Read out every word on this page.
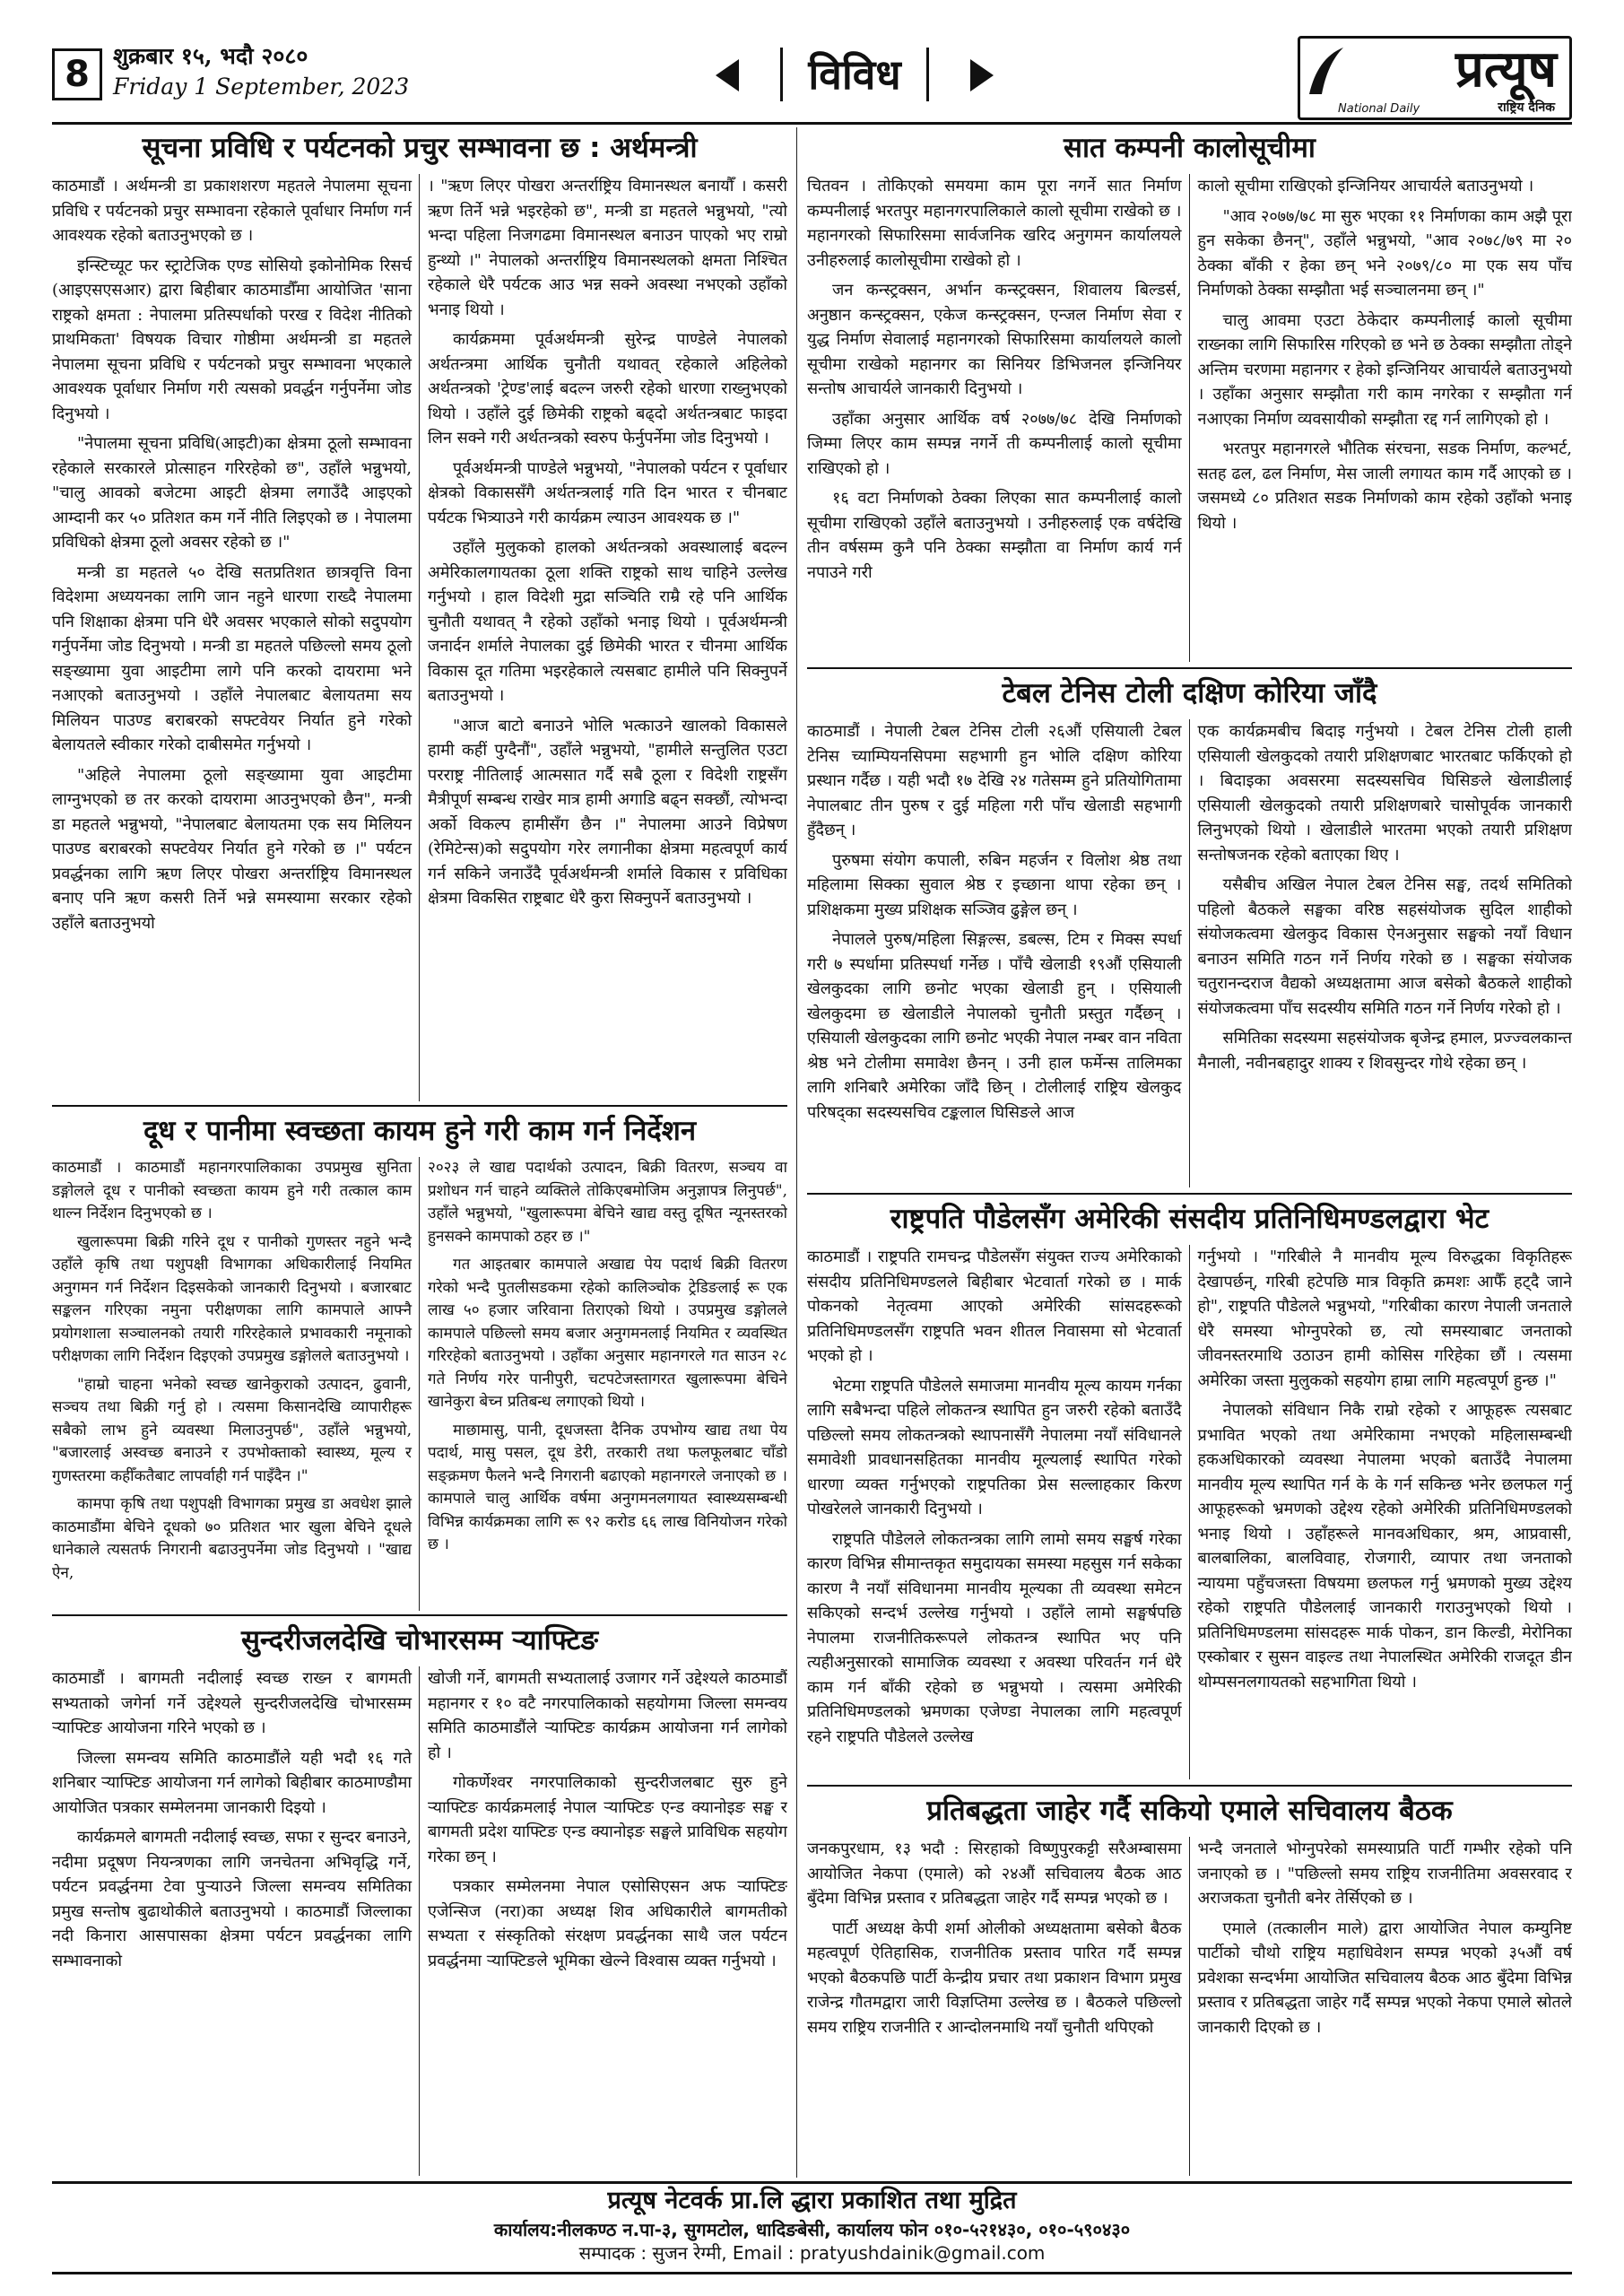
8	शुक्रबार १५, भदौ २०८०
Friday 1 September, 2023	विविध	प्रत्यूष
National Daily	राष्ट्रिय दैनिक
सूचना प्रविधि र पर्यटनको प्रचुर सम्भावना छ : अर्थमन्त्री

काठमाडौं । अर्थमन्त्री डा प्रकाशशरण महतले नेपालमा सूचना प्रविधि र पर्यटनको प्रचुर सम्भावना रहेकाले पूर्वाधार निर्माण गर्न आवश्यक रहेको बताउनुभएको छ ।

इन्स्टिच्यूट फर स्ट्राटेजिक एण्ड सोसियो इकोनोमिक रिसर्च (आइएसएसआर) द्वारा बिहीबार काठमाडौँमा आयोजित 'साना राष्ट्रको क्षमता : नेपालमा प्रतिस्पर्धाको परख र विदेश नीतिको प्राथमिकता' विषयक विचार गोष्ठीमा अर्थमन्त्री डा महतले नेपालमा सूचना प्रविधि र पर्यटनको प्रचुर सम्भावना भएकाले आवश्यक पूर्वाधार निर्माण गरी त्यसको प्रवर्द्धन गर्नुपर्नेमा जोड दिनुभयो ।

"नेपालमा सूचना प्रविधि(आइटी)का क्षेत्रमा ठूलो सम्भावना रहेकाले सरकारले प्रोत्साहन गरिरहेको छ", उहाँले भन्नुभयो, "चालु आवको बजेटमा आइटी क्षेत्रमा लगाउँदै आइएको आम्दानी कर ५० प्रतिशत कम गर्ने नीति लिइएको छ । नेपालमा प्रविधिको क्षेत्रमा ठूलो अवसर रहेको छ ।"

मन्त्री डा महतले ५० देखि सतप्रतिशत छात्रवृत्ति विना विदेशमा अध्ययनका लागि जान नहुने धारणा राख्दै नेपालमा पनि शिक्षाका क्षेत्रमा पनि धेरै अवसर भएकाले सोको सदुपयोग गर्नुपर्नेमा जोड दिनुभयो । मन्त्री डा महतले पछिल्लो समय ठूलो सङ्ख्यामा युवा आइटीमा लागे पनि करको दायरामा भने नआएको बताउनुभयो । उहाँले नेपालबाट बेलायतमा सय मिलियन पाउण्ड बराबरको सफ्टवेयर निर्यात हुने गरेको बेलायतले स्वीकार गरेको दाबीसमेत गर्नुभयो ।

"अहिले नेपालमा ठूलो सङ्ख्यामा युवा आइटीमा लाग्नुभएको छ तर करको दायरामा आउनुभएको छैन", मन्त्री डा महतले भन्नुभयो, "नेपालबाट बेलायतमा एक सय मिलियन पाउण्ड बराबरको सफ्टवेयर निर्यात हुने गरेको छ ।" पर्यटन प्रवर्द्धनका लागि ऋण लिएर पोखरा अन्तर्राष्ट्रिय विमानस्थल बनाए पनि ऋण कसरी तिर्ने भन्ने समस्यामा सरकार रहेको उहाँले बताउनुभयो

। "ऋण लिएर पोखरा अन्तर्राष्ट्रिय विमानस्थल बनायौँ । कसरी ऋण तिर्ने भन्ने भइरहेको छ", मन्त्री डा महतले भन्नुभयो, "त्यो भन्दा पहिला निजगढमा विमानस्थल बनाउन पाएको भए राम्रो हुन्थ्यो ।" नेपालको अन्तर्राष्ट्रिय विमानस्थलको क्षमता निश्चित रहेकाले धेरै पर्यटक आउ भन्न सक्ने अवस्था नभएको उहाँको भनाइ थियो ।

कार्यक्रममा पूर्वअर्थमन्त्री सुरेन्द्र पाण्डेले नेपालको अर्थतन्त्रमा आर्थिक चुनौती यथावत् रहेकाले अहिलेको अर्थतन्त्रको 'ट्रेण्ड'लाई बदल्न जरुरी रहेको धारणा राख्नुभएको थियो । उहाँले दुई छिमेकी राष्ट्रको बढ्दो अर्थतन्त्रबाट फाइदा लिन सक्ने गरी अर्थतन्त्रको स्वरुप फेर्नुपर्नेमा जोड दिनुभयो ।

पूर्वअर्थमन्त्री पाण्डेले भन्नुभयो, "नेपालको पर्यटन र पूर्वाधार क्षेत्रको विकाससँगै अर्थतन्त्रलाई गति दिन भारत र चीनबाट पर्यटक भित्र्याउने गरी कार्यक्रम ल्याउन आवश्यक छ ।"

उहाँले मुलुकको हालको अर्थतन्त्रको अवस्थालाई बदल्न अमेरिकालगायतका ठूला शक्ति राष्ट्रको साथ चाहिने उल्लेख गर्नुभयो । हाल विदेशी मुद्रा सञ्चिति राम्रै रहे पनि आर्थिक चुनौती यथावत् नै रहेको उहाँको भनाइ थियो । पूर्वअर्थमन्त्री जनार्दन शर्माले नेपालका दुई छिमेकी भारत र चीनमा आर्थिक विकास दूत गतिमा भइरहेकाले त्यसबाट हामीले पनि सिक्नुपर्ने बताउनुभयो ।

"आज बाटो बनाउने भोलि भत्काउने खालको विकासले हामी कहीं पुग्दैनौं", उहाँले भन्नुभयो, "हामीले सन्तुलित एउटा परराष्ट्र नीतिलाई आत्मसात गर्दै सबै ठूला र विदेशी राष्ट्रसँग मैत्रीपूर्ण सम्बन्ध राखेर मात्र हामी अगाडि बढ्न सक्छौं, त्योभन्दा अर्को विकल्प हामीसँग छैन ।" नेपालमा आउने विप्रेषण (रेमिटेन्स)को सदुपयोग गरेर लगानीका क्षेत्रमा महत्वपूर्ण कार्य गर्न सकिने जनाउँदै पूर्वअर्थमन्त्री शर्माले विकास र प्रविधिका क्षेत्रमा विकसित राष्ट्रबाट धेरै कुरा सिक्नुपर्ने बताउनुभयो ।

सात कम्पनी कालोसूचीमा

चितवन । तोकिएको समयमा काम पूरा नगर्ने सात निर्माण कम्पनीलाई भरतपुर महानगरपालिकाले कालो सूचीमा राखेको छ । महानगरको सिफारिसमा सार्वजनिक खरिद अनुगमन कार्यालयले उनीहरुलाई कालोसूचीमा राखेको हो ।

जन कन्स्ट्रक्सन, अर्भान कन्स्ट्रक्सन, शिवालय बिल्डर्स, अनुष्ठान कन्स्ट्रक्सन, एकेज कन्स्ट्रक्सन, एन्जल निर्माण सेवा र युद्ध निर्माण सेवालाई महानगरको सिफारिसमा कार्यालयले कालो सूचीमा राखेको महानगर का सिनियर डिभिजनल इन्जिनियर सन्तोष आचार्यले जानकारी दिनुभयो ।

उहाँका अनुसार आर्थिक वर्ष २०७७/७८ देखि निर्माणको जिम्मा लिएर काम सम्पन्न नगर्ने ती कम्पनीलाई कालो सूचीमा राखिएको हो ।

१६ वटा निर्माणको ठेक्का लिएका सात कम्पनीलाई कालो सूचीमा राखिएको उहाँले बताउनुभयो । उनीहरुलाई एक वर्षदेखि तीन वर्षसम्म कुनै पनि ठेक्का सम्झौता वा निर्माण कार्य गर्न नपाउने गरी

कालो सूचीमा राखिएको इन्जिनियर आचार्यले बताउनुभयो ।

"आव २०७७/७८ मा सुरु भएका ११ निर्माणका काम अझै पूरा हुन सकेका छैनन्", उहाँले भन्नुभयो, "आव २०७८/७९ मा २० ठेक्का बाँकी र हेका छन् भने २०७९/८० मा एक सय पाँच निर्माणको ठेक्का सम्झौता भई सञ्चालनमा छन् ।"

चालु आवमा एउटा ठेकेदार कम्पनीलाई कालो सूचीमा राख्नका लागि सिफारिस गरिएको छ भने छ ठेक्का सम्झौता तोड्ने अन्तिम चरणमा महानगर र हेको इन्जिनियर आचार्यले बताउनुभयो । उहाँका अनुसार सम्झौता गरी काम नगरेका र सम्झौता गर्न नआएका निर्माण व्यवसायीको सम्झौता रद्द गर्न लागिएको हो ।

भरतपुर महानगरले भौतिक संरचना, सडक निर्माण, कल्भर्ट, सतह ढल, ढल निर्माण, मेस जाली लगायत काम गर्दै आएको छ । जसमध्ये ८० प्रतिशत सडक निर्माणको काम रहेको उहाँको भनाइ थियो ।

टेबल टेनिस टोली दक्षिण कोरिया जाँदै

काठमाडौं । नेपाली टेबल टेनिस टोली २६औं एसियाली टेबल टेनिस च्याम्पियनसिपमा सहभागी हुन भोलि दक्षिण कोरिया प्रस्थान गर्दैछ । यही भदौ १७ देखि २४ गतेसम्म हुने प्रतियोगितामा नेपालबाट तीन पुरुष र दुई महिला गरी पाँच खेलाडी सहभागी हुँदैछन् ।

पुरुषमा संयोग कपाली, रुबिन महर्जन र विलोश श्रेष्ठ तथा महिलामा सिक्का सुवाल श्रेष्ठ र इच्छाना थापा रहेका छन् । प्रशिक्षकमा मुख्य प्रशिक्षक सञ्जिव ढुङ्गेल छन् ।

नेपालले पुरुष/महिला सिङ्गल्स, डबल्स, टिम र मिक्स स्पर्धा गरी ७ स्पर्धामा प्रतिस्पर्धा गर्नेछ । पाँचै खेलाडी १९औं एसियाली खेलकुदका लागि छनोट भएका खेलाडी हुन् । एसियाली खेलकुदमा छ खेलाडीले नेपालको चुनौती प्रस्तुत गर्दैछन् । एसियाली खेलकुदका लागि छनोट भएकी नेपाल नम्बर वान नविता श्रेष्ठ भने टोलीमा समावेश छैनन् । उनी हाल फर्मेन्स तालिमका लागि शनिबारै अमेरिका जाँदै छिन् । टोलीलाई राष्ट्रिय खेलकुद परिषद्का सदस्यसचिव टङ्कलाल घिसिङले आज

एक कार्यक्रमबीच बिदाइ गर्नुभयो । टेबल टेनिस टोली हाली एसियाली खेलकुदको तयारी प्रशिक्षणबाट भारतबाट फर्किएको हो । बिदाइका अवसरमा सदस्यसचिव घिसिङले खेलाडीलाई एसियाली खेलकुदको तयारी प्रशिक्षणबारे चासोपूर्वक जानकारी लिनुभएको थियो । खेलाडीले भारतमा भएको तयारी प्रशिक्षण सन्तोषजनक रहेको बताएका थिए ।

यसैबीच अखिल नेपाल टेबल टेनिस सङ्घ, तदर्थ समितिको पहिलो बैठकले सङ्घका वरिष्ठ सहसंयोजक सुदिल शाहीको संयोजकत्वमा खेलकुद विकास ऐनअनुसार सङ्घको नयाँ विधान बनाउन समिति गठन गर्ने निर्णय गरेको छ । सङ्घका संयोजक चतुरानन्दराज वैद्यको अध्यक्षतामा आज बसेको बैठकले शाहीको संयोजकत्वमा पाँच सदस्यीय समिति गठन गर्ने निर्णय गरेको हो ।

समितिका सदस्यमा सहसंयोजक बृजेन्द्र हमाल, प्रज्ज्वलकान्त मैनाली, नवीनबहादुर शाक्य र शिवसुन्दर गोथे रहेका छन् ।

दूध र पानीमा स्वच्छता कायम हुने गरी काम गर्न निर्देशन

काठमाडौं । काठमाडौं महानगरपालिकाका उपप्रमुख सुनिता डङ्गोलले दूध र पानीको स्वच्छता कायम हुने गरी तत्काल काम थाल्न निर्देशन दिनुभएको छ ।

खुलारूपमा बिक्री गरिने दूध र पानीको गुणस्तर नहुने भन्दै उहाँले कृषि तथा पशुपक्षी विभागका अधिकारीलाई नियमित अनुगमन गर्न निर्देशन दिइसकेको जानकारी दिनुभयो । बजारबाट सङ्कलन गरिएका नमुना परीक्षणका लागि कामपाले आफ्नै प्रयोगशाला सञ्चालनको तयारी गरिरहेकाले प्रभावकारी नमूनाको परीक्षणका लागि निर्देशन दिइएको उपप्रमुख डङ्गोलले बताउनुभयो ।

"हाम्रो चाहना भनेको स्वच्छ खानेकुराको उत्पादन, ढुवानी, सञ्चय तथा बिक्री गर्नु हो । त्यसमा किसानदेखि व्यापारीहरू सबैको लाभ हुने व्यवस्था मिलाउनुपर्छ", उहाँले भन्नुभयो, "बजारलाई अस्वच्छ बनाउने र उपभोक्ताको स्वास्थ्य, मूल्य र गुणस्तरमा कहीँकतैबाट लापर्वाही गर्न पाइँदैन ।"

कामपा कृषि तथा पशुपक्षी विभागका प्रमुख डा अवधेश झाले काठमाडौंमा बेचिने दूधको ७० प्रतिशत भार खुला बेचिने दूधले धानेकाले त्यसतर्फ निगरानी बढाउनुपर्नेमा जोड दिनुभयो । "खाद्य ऐन,

२०२३ ले खाद्य पदार्थको उत्पादन, बिक्री वितरण, सञ्चय वा प्रशोधन गर्न चाहने व्यक्तिले तोकिएबमोजिम अनुज्ञापत्र लिनुपर्छ", उहाँले भन्नुभयो, "खुलारूपमा बेचिने खाद्य वस्तु दूषित न्यूनस्तरको हुनसक्ने कामपाको ठहर छ ।"

गत आइतबार कामपाले अखाद्य पेय पदार्थ बिक्री वितरण गरेको भन्दै पुतलीसडकमा रहेको कालिञ्चोक ट्रेडिङलाई रू एक लाख ५० हजार जरिवाना तिराएको थियो । उपप्रमुख डङ्गोलले कामपाले पछिल्लो समय बजार अनुगमनलाई नियमित र व्यवस्थित गरिरहेको बताउनुभयो । उहाँका अनुसार महानगरले गत साउन २८ गते निर्णय गरेर पानीपुरी, चटपटेजस्तागरत खुलारूपमा बेचिने खानेकुरा बेच्न प्रतिबन्ध लगाएको थियो ।

माछामासु, पानी, दूधजस्ता दैनिक उपभोग्य खाद्य तथा पेय पदार्थ, मासु पसल, दूध डेरी, तरकारी तथा फलफूलबाट चाँडो सङ्क्रमण फैलने भन्दै निगरानी बढाएको महानगरले जनाएको छ । कामपाले चालु आर्थिक वर्षमा अनुगमनलगायत स्वास्थ्यसम्बन्धी विभिन्न कार्यक्रमका लागि रू ९२ करोड ६६ लाख विनियोजन गरेको छ ।

राष्ट्रपति पौडेलसँग अमेरिकी संसदीय प्रतिनिधिमण्डलद्वारा भेट

काठमाडौं । राष्ट्रपति रामचन्द्र पौडेलसँग संयुक्त राज्य अमेरिकाको संसदीय प्रतिनिधिमण्डलले बिहीबार भेटवार्ता गरेको छ । मार्क पोकनको नेतृत्वमा आएको अमेरिकी सांसदहरूको प्रतिनिधिमण्डलसँग राष्ट्रपति भवन शीतल निवासमा सो भेटवार्ता भएको हो ।

भेटमा राष्ट्रपति पौडेलले समाजमा मानवीय मूल्य कायम गर्नका लागि सबैभन्दा पहिले लोकतन्त्र स्थापित हुन जरुरी रहेको बताउँदै पछिल्लो समय लोकतन्त्रको स्थापनासँगै नेपालमा नयाँ संविधानले समावेशी प्रावधानसहितका मानवीय मूल्यलाई स्थापित गरेको धारणा व्यक्त गर्नुभएको राष्ट्रपतिका प्रेस सल्लाहकार किरण पोखरेलले जानकारी दिनुभयो ।

राष्ट्रपति पौडेलले लोकतन्त्रका लागि लामो समय सङ्घर्ष गरेका कारण विभिन्न सीमान्तकृत समुदायका समस्या महसुस गर्न सकेका कारण नै नयाँ संविधानमा मानवीय मूल्यका ती व्यवस्था समेटन सकिएको सन्दर्भ उल्लेख गर्नुभयो । उहाँले लामो सङ्घर्षपछि नेपालमा राजनीतिकरूपले लोकतन्त्र स्थापित भए पनि त्यहीअनुसारको सामाजिक व्यवस्था र अवस्था परिवर्तन गर्न धेरै काम गर्न बाँकी रहेको छ भन्नुभयो । त्यसमा अमेरिकी प्रतिनिधिमण्डलको भ्रमणका एजेण्डा नेपालका लागि महत्वपूर्ण रहने राष्ट्रपति पौडेलले उल्लेख

गर्नुभयो । "गरिबीले नै मानवीय मूल्य विरुद्धका विकृतिहरू देखापर्छन्, गरिबी हटेपछि मात्र विकृति क्रमशः आफैँ हट्दै जाने हो", राष्ट्रपति पौडेलले भन्नुभयो, "गरिबीका कारण नेपाली जनताले धेरै समस्या भोग्नुपरेको छ, त्यो समस्याबाट जनताको जीवनस्तरमाथि उठाउन हामी कोसिस गरिहेका छौं । त्यसमा अमेरिका जस्ता मुलुकको सहयोग हाम्रा लागि महत्वपूर्ण हुन्छ ।"

नेपालको संविधान निकै राम्रो रहेको र आफूहरू त्यसबाट प्रभावित भएको तथा अमेरिकामा नभएको महिलासम्बन्धी हकअधिकारको व्यवस्था नेपालमा भएको बताउँदै नेपालमा मानवीय मूल्य स्थापित गर्न के के गर्न सकिन्छ भनेर छलफल गर्नु आफूहरूको भ्रमणको उद्देश्य रहेको अमेरिकी प्रतिनिधिमण्डलको भनाइ थियो । उहाँहरूले मानवअधिकार, श्रम, आप्रवासी, बालबालिका, बालविवाह, रोजगारी, व्यापार तथा जनताको न्यायमा पहुँचजस्ता विषयमा छलफल गर्नु भ्रमणको मुख्य उद्देश्य रहेको राष्ट्रपति पौडेललाई जानकारी गराउनुभएको थियो । प्रतिनिधिमण्डलमा सांसदहरू मार्क पोकन, डान किल्डी, मेरोनिका एस्कोबार र सुसन वाइल्ड तथा नेपालस्थित अमेरिकी राजदूत डीन थोम्पसनलगायतको सहभागिता थियो ।

सुन्दरीजलदेखि चोभारसम्म र्‍याफ्टिङ

काठमाडौं । बागमती नदीलाई स्वच्छ राख्न र बागमती सभ्यताको जगेर्ना गर्ने उद्देश्यले सुन्दरीजलदेखि चोभारसम्म र्‍याफ्टिङ आयोजना गरिने भएको छ ।

जिल्ला समन्वय समिति काठमाडौंले यही भदौ १६ गते शनिबार र्‍याफ्टिङ आयोजना गर्न लागेको बिहीबार काठमाण्डौमा आयोजित पत्रकार सम्मेलनमा जानकारी दिइयो ।

कार्यक्रमले बागमती नदीलाई स्वच्छ, सफा र सुन्दर बनाउने, नदीमा प्रदूषण नियन्त्रणका लागि जनचेतना अभिवृद्धि गर्ने, पर्यटन प्रवर्द्धनमा टेवा पुर्‍याउने जिल्ला समन्वय समितिका प्रमुख सन्तोष बुढाथोकीले बताउनुभयो । काठमाडौं जिल्लाका नदी किनारा आसपासका क्षेत्रमा पर्यटन प्रवर्द्धनका लागि सम्भावनाको

खोजी गर्ने, बागमती सभ्यतालाई उजागर गर्ने उद्देश्यले काठमाडौं महानगर र १० वटै नगरपालिकाको सहयोगमा जिल्ला समन्वय समिति काठमाडौंले र्‍याफ्टिङ कार्यक्रम आयोजना गर्न लागेको हो ।

गोकर्णेश्वर नगरपालिकाको सुन्दरीजलबाट सुरु हुने र्‍याफ्टिङ कार्यक्रमलाई नेपाल र्‍याफ्टिङ एन्ड क्यानोइङ सङ्घ र बागमती प्रदेश याफ्टिङ एन्ड क्यानोइङ सङ्घले प्राविधिक सहयोग गरेका छन् ।

पत्रकार सम्मेलनमा नेपाल एसोसिएसन अफ र्‍याफ्टिङ एजेन्सिज (नरा)का अध्यक्ष शिव अधिकारीले बागमतीको सभ्यता र संस्कृतिको संरक्षण प्रवर्द्धनका साथै जल पर्यटन प्रवर्द्धनमा र्‍याफ्टिङले भूमिका खेल्ने विश्वास व्यक्त गर्नुभयो ।

प्रतिबद्धता जाहेर गर्दै सकियो एमाले सचिवालय बैठक

जनकपुरधाम, १३ भदौ : सिरहाको विष्णुपुरकट्टी सरैअम्बासमा आयोजित नेकपा (एमाले) को २४औं सचिवालय बैठक आठ बुँदेमा विभिन्न प्रस्ताव र प्रतिबद्धता जाहेर गर्दै सम्पन्न भएको छ ।

पार्टी अध्यक्ष केपी शर्मा ओलीको अध्यक्षतामा बसेको बैठक महत्वपूर्ण ऐतिहासिक, राजनीतिक प्रस्ताव पारित गर्दै सम्पन्न भएको बैठकपछि पार्टी केन्द्रीय प्रचार तथा प्रकाशन विभाग प्रमुख राजेन्द्र गौतमद्वारा जारी विज्ञप्तिमा उल्लेख छ । बैठकले पछिल्लो समय राष्ट्रिय राजनीति र आन्दोलनमाथि नयाँ चुनौती थपिएको

भन्दै जनताले भोग्नुपरेको समस्याप्रति पार्टी गम्भीर रहेको पनि जनाएको छ । "पछिल्लो समय राष्ट्रिय राजनीतिमा अवसरवाद र अराजकता चुनौती बनेर तेर्सिएको छ ।

एमाले (तत्कालीन माले) द्वारा आयोजित नेपाल कम्युनिष्ट पार्टीको चौथो राष्ट्रिय महाधिवेशन सम्पन्न भएको ३५औं वर्ष प्रवेशका सन्दर्भमा आयोजित सचिवालय बैठक आठ बुँदेमा विभिन्न प्रस्ताव र प्रतिबद्धता जाहेर गर्दै सम्पन्न भएको नेकपा एमाले स्रोतले जानकारी दिएको छ ।

प्रत्यूष नेटवर्क प्रा.लि द्धारा प्रकाशित तथा मुद्रित
कार्यालय:नीलकण्ठ न.पा-३, सुगमटोल, धादिङबेसी, कार्यालय फोन ०१०-५२१४३०, ०१०-५९०४३०
सम्पादक : सुजन रेग्मी, Email : pratyushdainik@gmail.com
